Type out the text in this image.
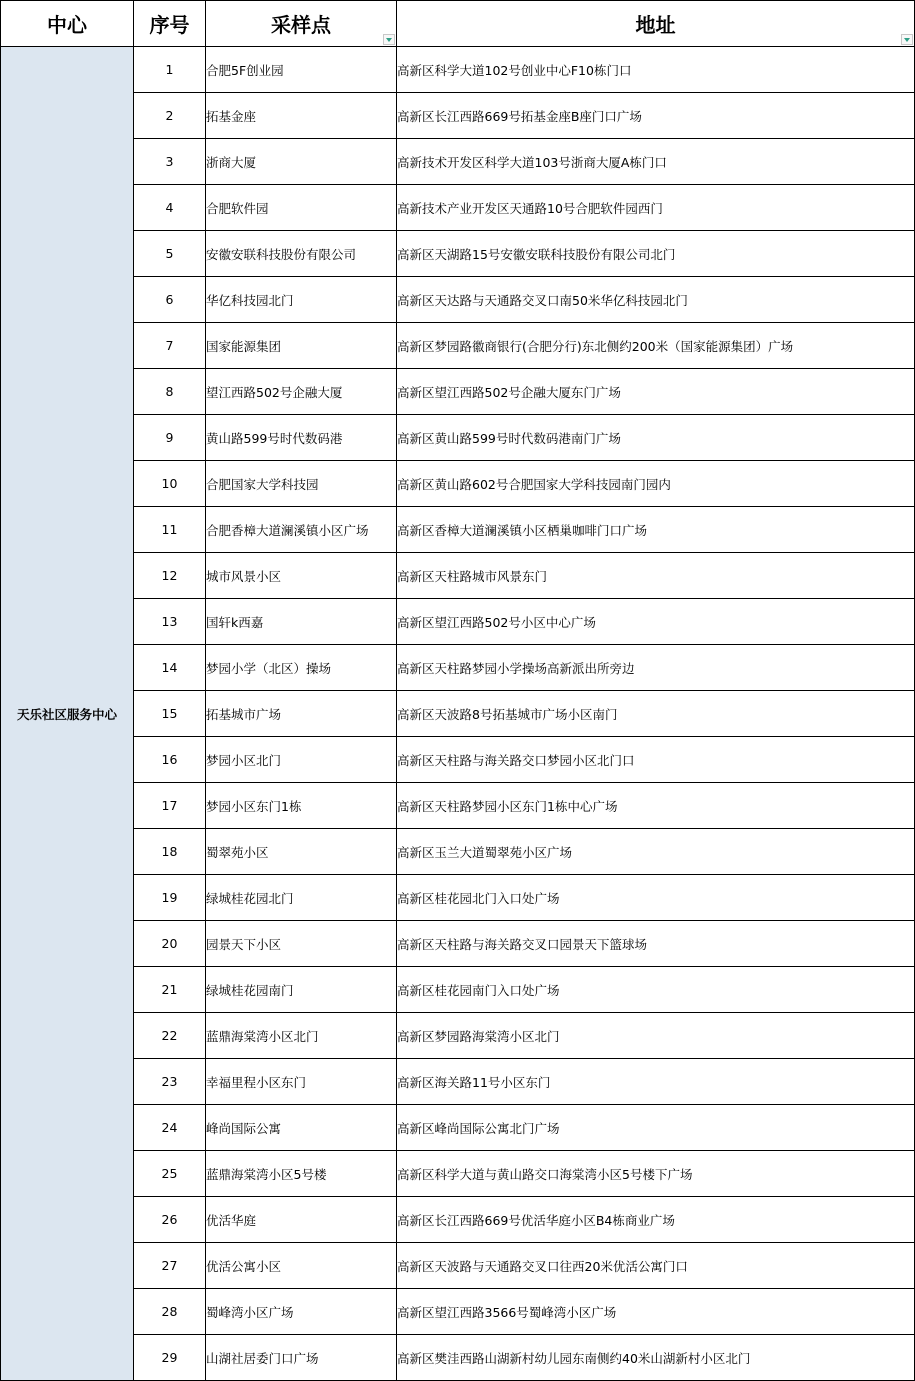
中心	序号	采样点	地址

天乐社区服务中心	1	合肥5F创业园	高新区科学大道102号创业中心F10栋门口
	2	拓基金座	高新区长江西路669号拓基金座B座门口广场
	3	浙商大厦	高新技术开发区科学大道103号浙商大厦A栋门口
	4	合肥软件园	高新技术产业开发区天通路10号合肥软件园西门
	5	安徽安联科技股份有限公司	高新区天湖路15号安徽安联科技股份有限公司北门
	6	华亿科技园北门	高新区天达路与天通路交叉口南50米华亿科技园北门
	7	国家能源集团	高新区梦园路徽商银行(合肥分行)东北侧约200米（国家能源集团）广场
	8	望江西路502号企融大厦	高新区望江西路502号企融大厦东门广场
	9	黄山路599号时代数码港	高新区黄山路599号时代数码港南门广场
	10	合肥国家大学科技园	高新区黄山路602号合肥国家大学科技园南门园内
	11	合肥香樟大道澜溪镇小区广场	高新区香樟大道澜溪镇小区栖巢咖啡门口广场
	12	城市风景小区	高新区天柱路城市风景东门
	13	国轩k西嘉	高新区望江西路502号小区中心广场
	14	梦园小学（北区）操场	高新区天柱路梦园小学操场高新派出所旁边
	15	拓基城市广场	高新区天波路8号拓基城市广场小区南门
	16	梦园小区北门	高新区天柱路与海关路交口梦园小区北门口
	17	梦园小区东门1栋	高新区天柱路梦园小区东门1栋中心广场
	18	蜀翠苑小区	高新区玉兰大道蜀翠苑小区广场
	19	绿城桂花园北门	高新区桂花园北门入口处广场
	20	园景天下小区	高新区天柱路与海关路交叉口园景天下篮球场
	21	绿城桂花园南门	高新区桂花园南门入口处广场
	22	蓝鼎海棠湾小区北门	高新区梦园路海棠湾小区北门
	23	幸福里程小区东门	高新区海关路11号小区东门
	24	峰尚国际公寓	高新区峰尚国际公寓北门广场
	25	蓝鼎海棠湾小区5号楼	高新区科学大道与黄山路交口海棠湾小区5号楼下广场
	26	优活华庭	高新区长江西路669号优活华庭小区B4栋商业广场
	27	优活公寓小区	高新区天波路与天通路交叉口往西20米优活公寓门口
	28	蜀峰湾小区广场	高新区望江西路3566号蜀峰湾小区广场
	29	山湖社居委门口广场	高新区樊洼西路山湖新村幼儿园东南侧约40米山湖新村小区北门
